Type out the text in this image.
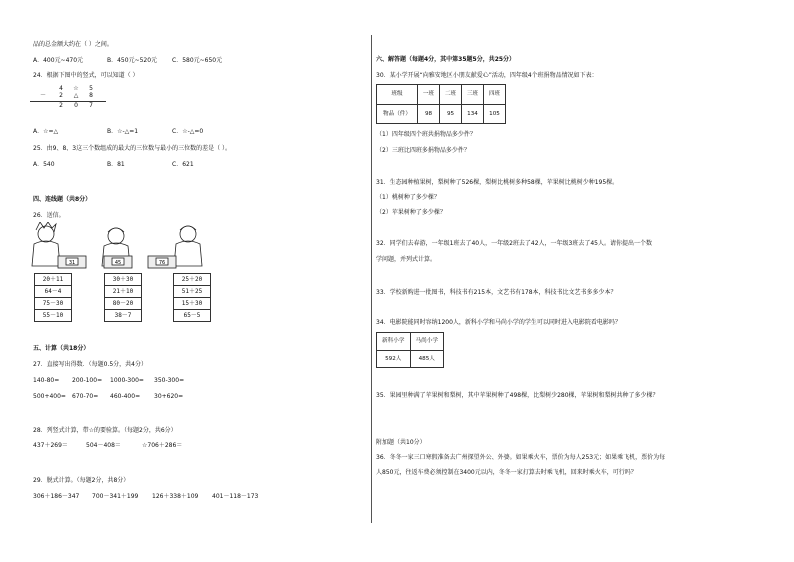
品的总金额大约在（ ）之间。
A．400元~470元	B．450元~520元 C．580元~650元
24．根据下图中的竖式，可以知道（ ）
4 ☆ 5
－ 2 △ 8
2 0 7
A．☆=△	B．☆-△=1	C．☆-△=0
25．由9、8、3这三个数组成的最大的三位数与最小的三位数的差是（ ）。
A．540	B．81	C．621
四、连线题（共8分）
26．送信。
31	45	76
20＋11	30＋30	25＋20
64－4	21＋10	51＋25
75－30	80－20	15＋30
55－10	38－7	65－5
五、计算（共18分）
27．直接写出得数．（每题0.5分，共4分）
140-80= 200-100= 1000-300= 350-300=
500+400= 670-70= 460-400= 30+620=
28．列竖式计算，带☆的要验算。（每题2分，共6分）
437＋269＝	504－408＝	☆706＋286＝
29．脱式计算。（每题2分，共8分）
306＋186－347 700－341＋199 126＋338＋109 401－118－173
六、解答题（每题4分，其中第35题5分，共25分）
30．某小学开展“向雅安地区小朋友献爱心”活动，四年级4个班捐物品情况如下表：
班级	一班	二班	三班	四班
物品（件）	98	95	134	105
（1）四年级四个班共捐物品多少件？
（2）三班比四班多捐物品多少件？
31．生态园种植果树，梨树种了526棵，梨树比桃树多种58棵，苹果树比桃树少种195棵。
（1）桃树种了多少棵？
（2）苹果树种了多少棵？
32．同学们去春游，一年级1班去了40人，一年级2班去了42人，一年级3班去了45人。请你提出一个数
学问题，并列式计算。
33．学校新购进一批图书，科技书有215本，文艺书有178本，科技书比文艺书多多少本？
34．电影院能同时容纳1200人，新科小学和马尚小学的学生可以同时进入电影院看电影吗？
新科小学	马尚小学
592人	485人
35．果园里种满了苹果树和梨树，其中苹果树种了498棵，比梨树少280棵，苹果树和梨树共种了多少棵？
附加题（共10分）
36．冬冬一家三口寒假准备去广州探望外公、外婆。如果乘火车，票价为每人253元；如果乘飞机，票价为每
人850元，往返车费必须控制在3400元以内，冬冬一家打算去时乘飞机，回来时乘火车，可行吗？
